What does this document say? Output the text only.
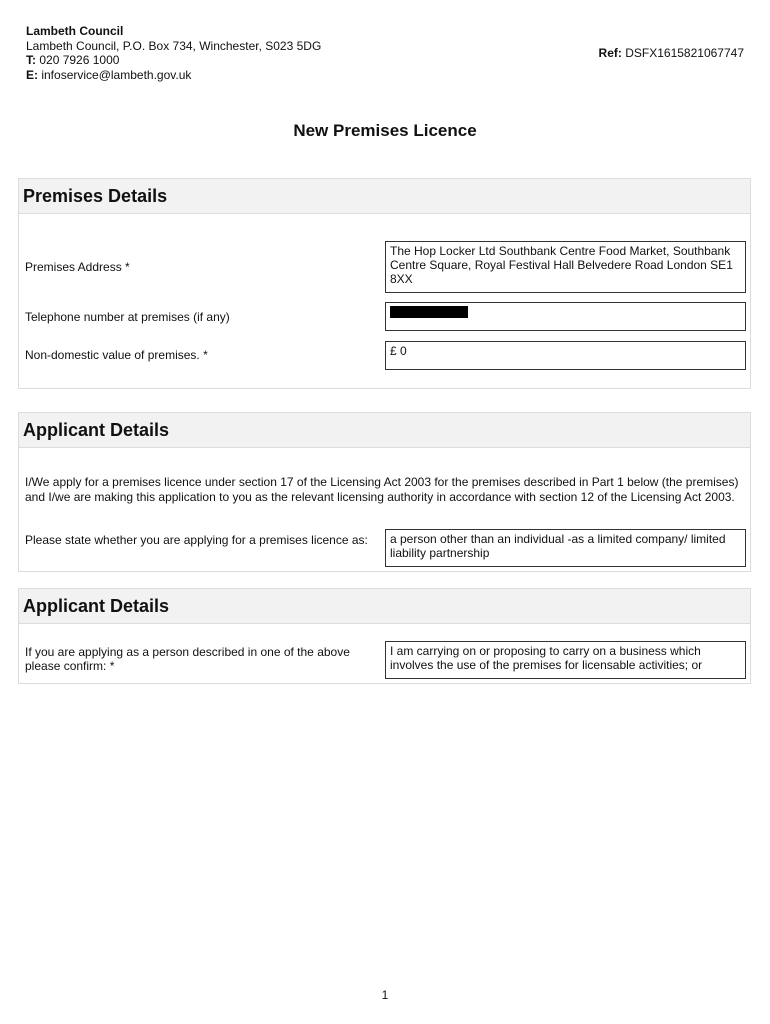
Lambeth Council
Lambeth Council, P.O. Box 734, Winchester, S023 5DG
T: 020 7926 1000
E: infoservice@lambeth.gov.uk
Ref: DSFX1615821067747
New Premises Licence
Premises Details
Premises Address *
The Hop Locker Ltd Southbank Centre Food Market, Southbank Centre Square, Royal Festival Hall Belvedere Road London SE1 8XX
Telephone number at premises (if any)
Non-domestic value of premises. *	£ 0
Applicant Details
I/We apply for a premises licence under section 17 of the Licensing Act 2003 for the premises described in Part 1 below (the premises) and I/we are making this application to you as the relevant licensing authority in accordance with section 12 of the Licensing Act 2003.
Please state whether you are applying for a premises licence as:	a person other than an individual -as a limited company/ limited liability partnership
Applicant Details
If you are applying as a person described in one of the above please confirm: *
I am carrying on or proposing to carry on a business which involves the use of the premises for licensable activities; or
1
